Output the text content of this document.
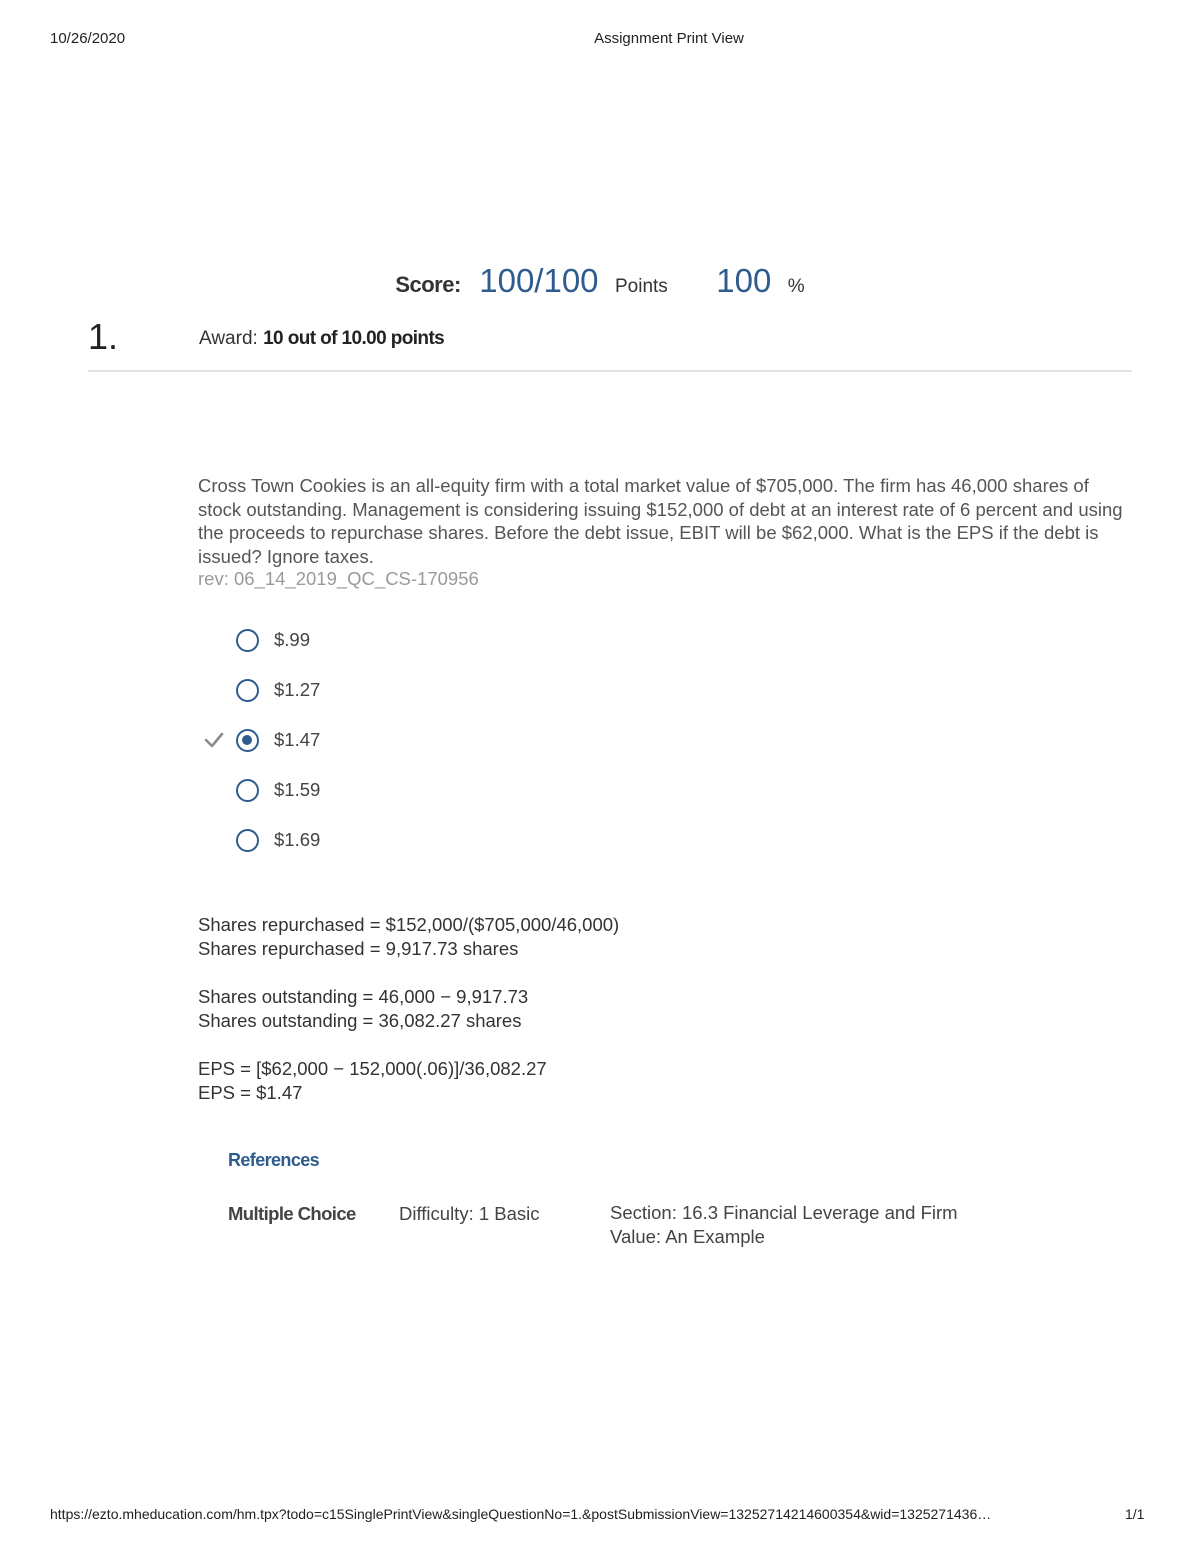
10/26/2020	Assignment Print View
Score: 100/100 Points 100 %
1.	Award: 10 out of 10.00 points
Cross Town Cookies is an all-equity firm with a total market value of $705,000. The firm has 46,000 shares of stock outstanding. Management is considering issuing $152,000 of debt at an interest rate of 6 percent and using the proceeds to repurchase shares. Before the debt issue, EBIT will be $62,000. What is the EPS if the debt is issued? Ignore taxes.
rev: 06_14_2019_QC_CS-170956
$.99
$1.27
$1.47
$1.59
$1.69
Shares repurchased = $152,000/($705,000/46,000)
Shares repurchased = 9,917.73 shares
Shares outstanding = 46,000 − 9,917.73
Shares outstanding = 36,082.27 shares
EPS = [$62,000 − 152,000(.06)]/36,082.27
EPS = $1.47
References
Multiple Choice Difficulty: 1 Basic	Section: 16.3 Financial Leverage and Firm Value: An Example
https://ezto.mheducation.com/hm.tpx?todo=c15SinglePrintView&singleQuestionNo=1.&postSubmissionView=13252714214600354&wid=1325271436…	1/1
